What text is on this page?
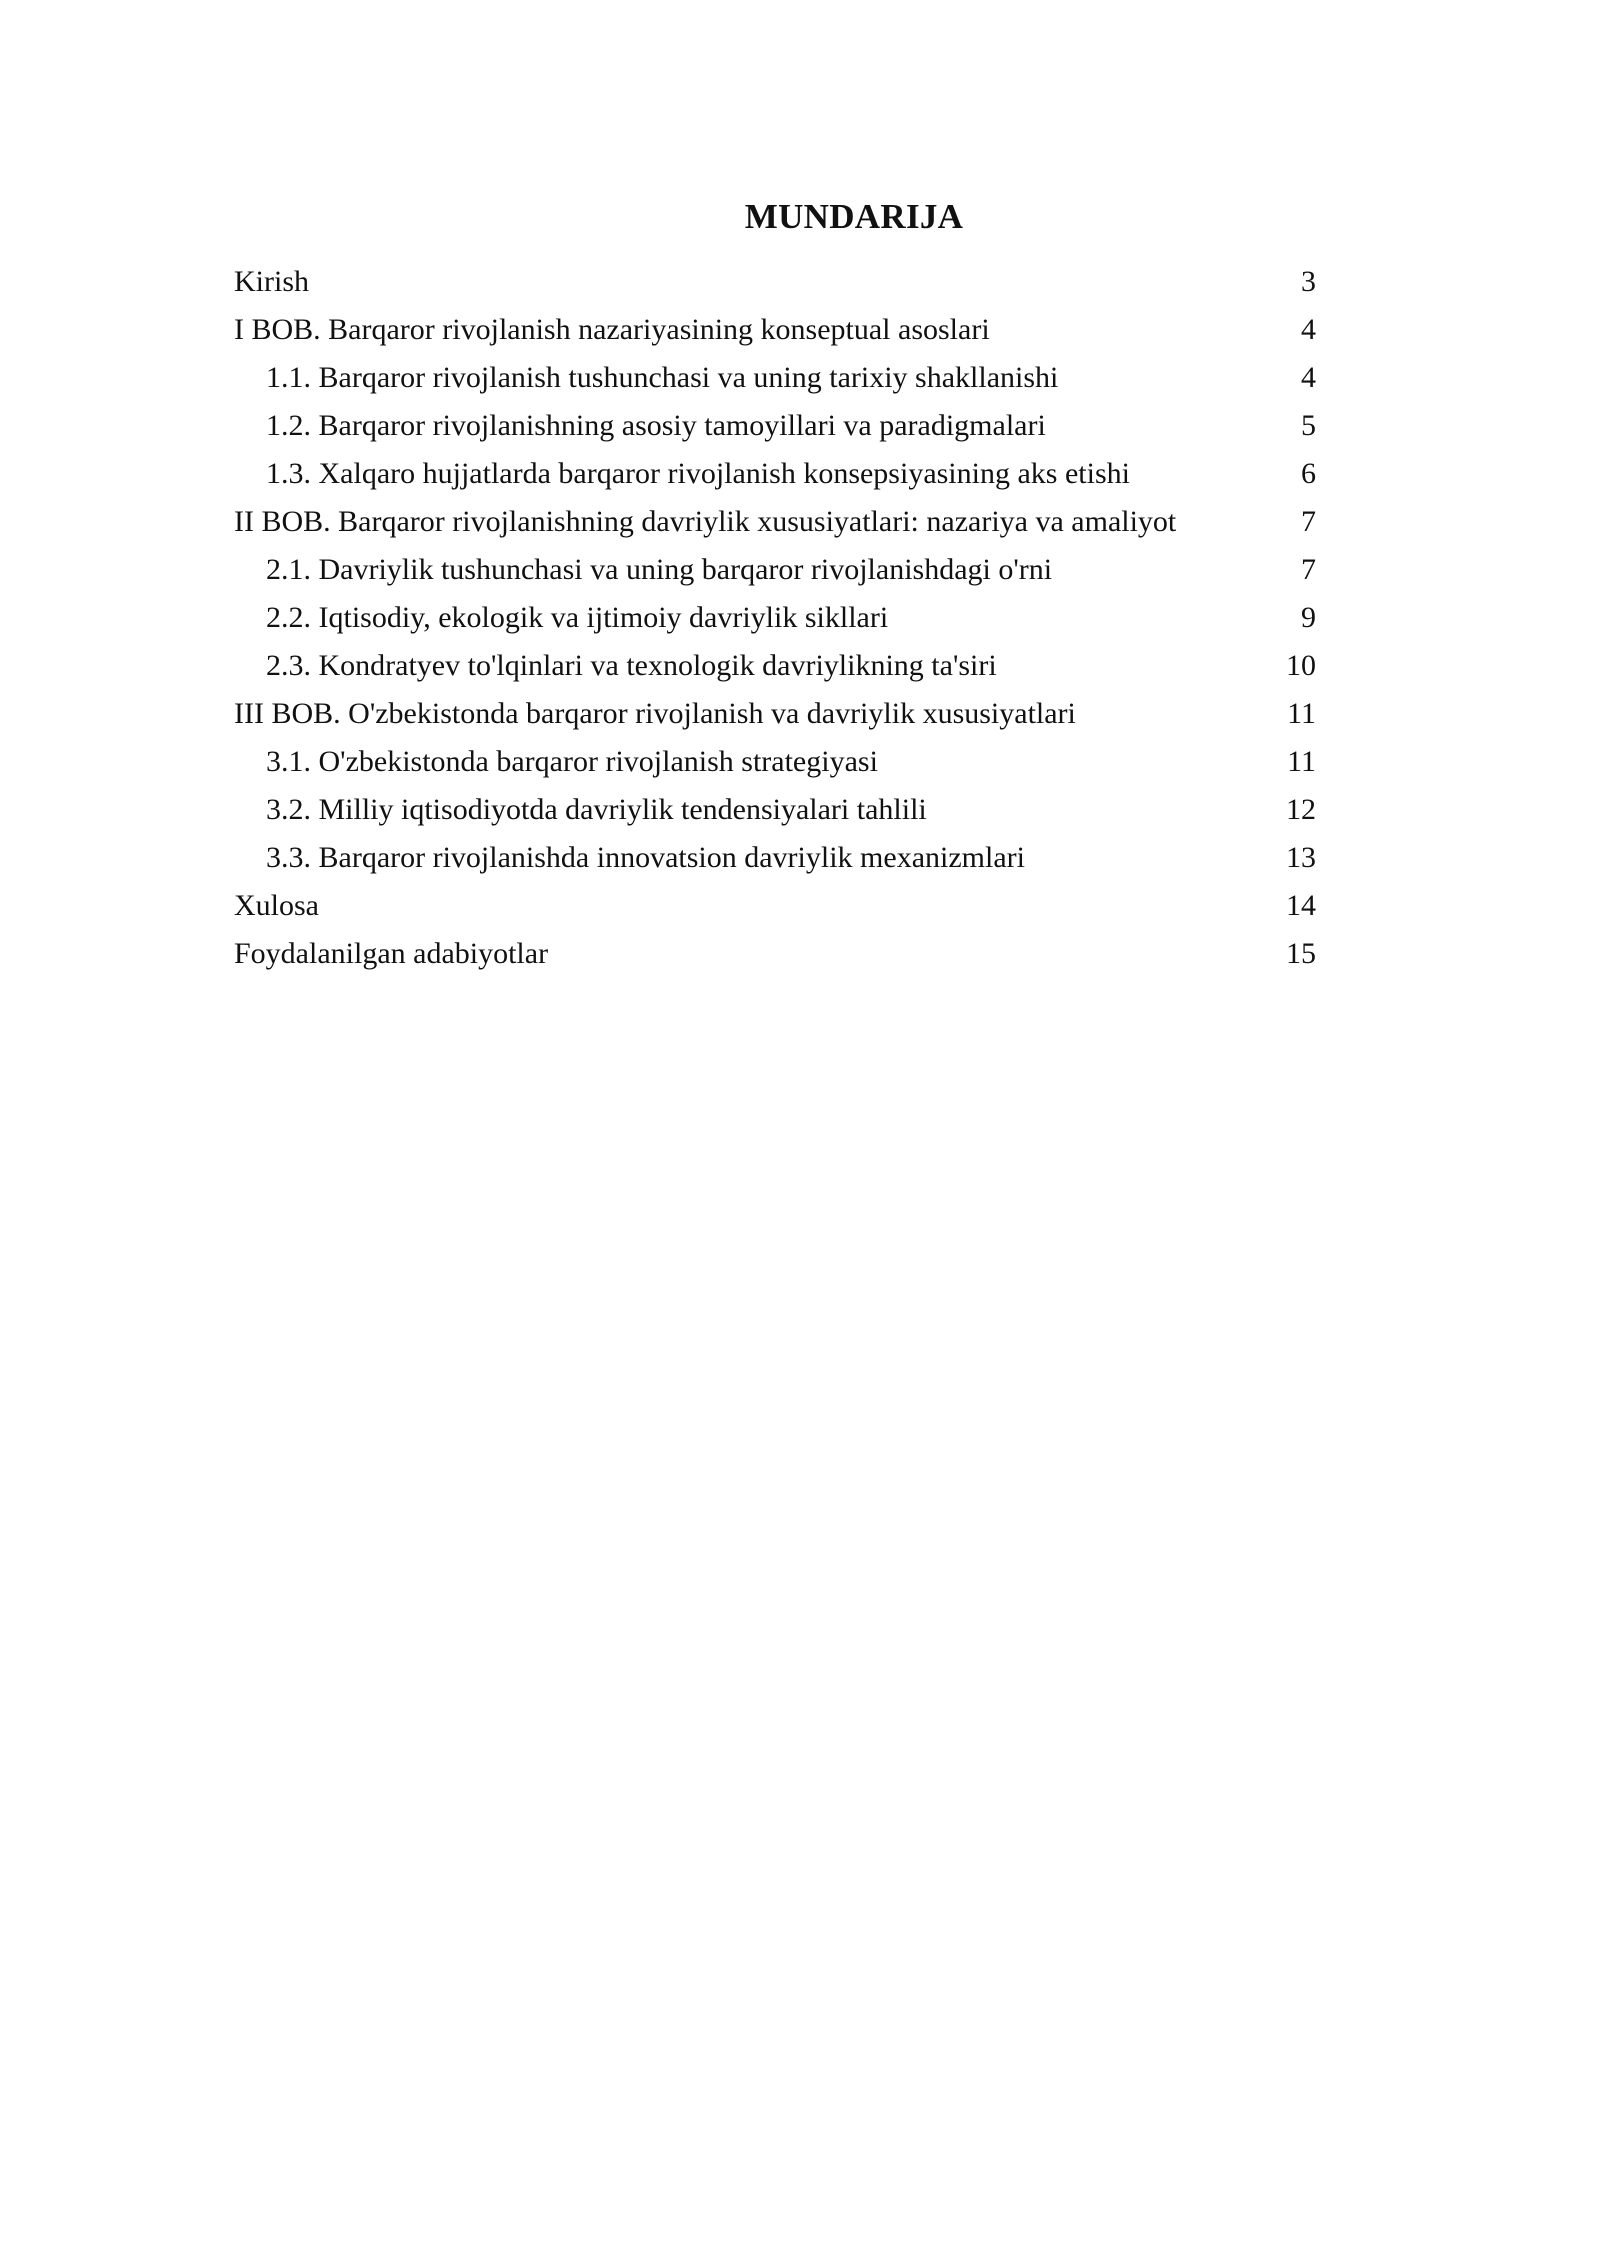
MUNDARIJA
Kirish	3
I BOB. Barqaror rivojlanish nazariyasining konseptual asoslari	4
1.1. Barqaror rivojlanish tushunchasi va uning tarixiy shakllanishi	4
1.2. Barqaror rivojlanishning asosiy tamoyillari va paradigmalari	5
1.3. Xalqaro hujjatlarda barqaror rivojlanish konsepsiyasining aks etishi	6
II BOB. Barqaror rivojlanishning davriylik xususiyatlari: nazariya va amaliyot	7
2.1. Davriylik tushunchasi va uning barqaror rivojlanishdagi o'rni	7
2.2. Iqtisodiy, ekologik va ijtimoiy davriylik sikllari	9
2.3. Kondratyev to'lqinlari va texnologik davriylikning ta'siri	10
III BOB. O'zbekistonda barqaror rivojlanish va davriylik xususiyatlari	11
3.1. O'zbekistonda barqaror rivojlanish strategiyasi	11
3.2. Milliy iqtisodiyotda davriylik tendensiyalari tahlili	12
3.3. Barqaror rivojlanishda innovatsion davriylik mexanizmlari	13
Xulosa	14
Foydalanilgan adabiyotlar	15
